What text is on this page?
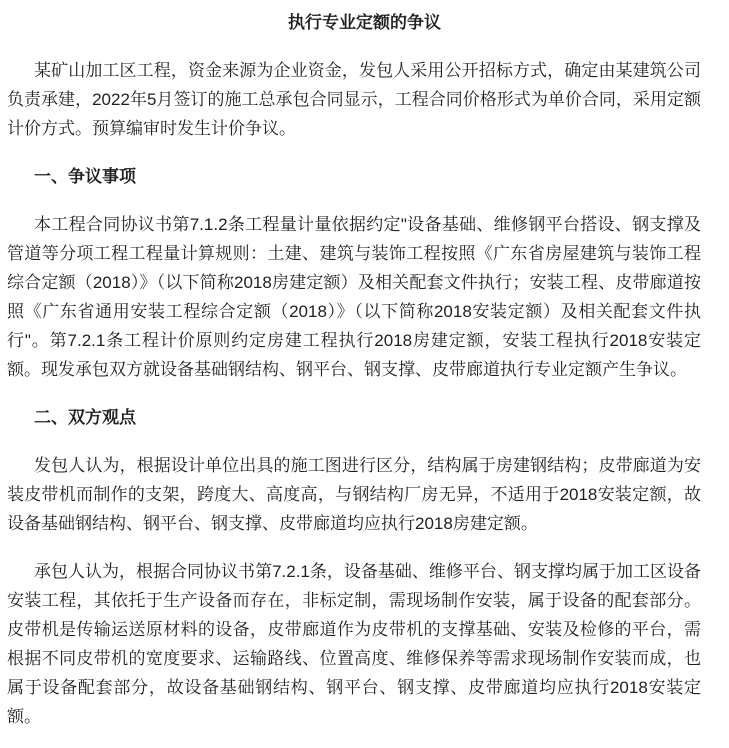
执行专业定额的争议

某矿山加工区工程，资金来源为企业资金，发包人采用公开招标方式，确定由某建筑公司负责承建，2022年5月签订的施工总承包合同显示，工程合同价格形式为单价合同，采用定额计价方式。预算编审时发生计价争议。

一、争议事项

本工程合同协议书第7.1.2条工程量计量依据约定"设备基础、维修钢平台搭设、钢支撑及管道等分项工程工程量计算规则：土建、建筑与装饰工程按照《广东省房屋建筑与装饰工程综合定额（2018）》（以下简称2018房建定额）及相关配套文件执行；安装工程、皮带廊道按照《广东省通用安装工程综合定额（2018）》（以下简称2018安装定额）及相关配套文件执行"。第7.2.1条工程计价原则约定房建工程执行2018房建定额，安装工程执行2018安装定额。现发承包双方就设备基础钢结构、钢平台、钢支撑、皮带廊道执行专业定额产生争议。

二、双方观点

发包人认为，根据设计单位出具的施工图进行区分，结构属于房建钢结构；皮带廊道为安装皮带机而制作的支架，跨度大、高度高，与钢结构厂房无异，不适用于2018安装定额，故设备基础钢结构、钢平台、钢支撑、皮带廊道均应执行2018房建定额。

承包人认为，根据合同协议书第7.2.1条，设备基础、维修平台、钢支撑均属于加工区设备安装工程，其依托于生产设备而存在，非标定制，需现场制作安装，属于设备的配套部分。皮带机是传输运送原材料的设备，皮带廊道作为皮带机的支撑基础、安装及检修的平台，需根据不同皮带机的宽度要求、运输路线、位置高度、维修保养等需求现场制作安装而成，也属于设备配套部分，故设备基础钢结构、钢平台、钢支撑、皮带廊道均应执行2018安装定额。
